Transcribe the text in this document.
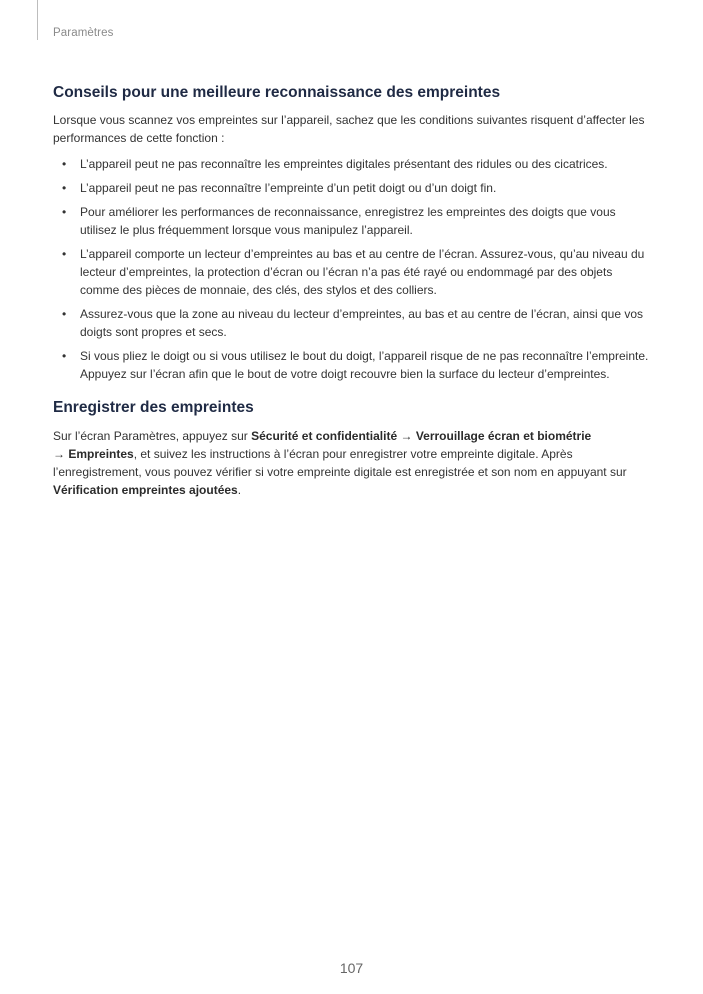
Paramètres
Conseils pour une meilleure reconnaissance des empreintes

Lorsque vous scannez vos empreintes sur l’appareil, sachez que les conditions suivantes risquent d’affecter les performances de cette fonction :

• L’appareil peut ne pas reconnaître les empreintes digitales présentant des ridules ou des cicatrices.
• L’appareil peut ne pas reconnaître l’empreinte d’un petit doigt ou d’un doigt fin.
• Pour améliorer les performances de reconnaissance, enregistrez les empreintes des doigts que vous utilisez le plus fréquemment lorsque vous manipulez l’appareil.
• L’appareil comporte un lecteur d’empreintes au bas et au centre de l’écran. Assurez-vous, qu’au niveau du lecteur d’empreintes, la protection d’écran ou l’écran n’a pas été rayé ou endommagé par des objets comme des pièces de monnaie, des clés, des stylos et des colliers.
• Assurez-vous que la zone au niveau du lecteur d’empreintes, au bas et au centre de l’écran, ainsi que vos doigts sont propres et secs.
• Si vous pliez le doigt ou si vous utilisez le bout du doigt, l’appareil risque de ne pas reconnaître l’empreinte. Appuyez sur l’écran afin que le bout de votre doigt recouvre bien la surface du lecteur d’empreintes.
Enregistrer des empreintes

Sur l’écran Paramètres, appuyez sur Sécurité et confidentialité → Verrouillage écran et biométrie
→ Empreintes, et suivez les instructions à l’écran pour enregistrer votre empreinte digitale. Après l’enregistrement, vous pouvez vérifier si votre empreinte digitale est enregistrée et son nom en appuyant sur Vérification empreintes ajoutées.

107
